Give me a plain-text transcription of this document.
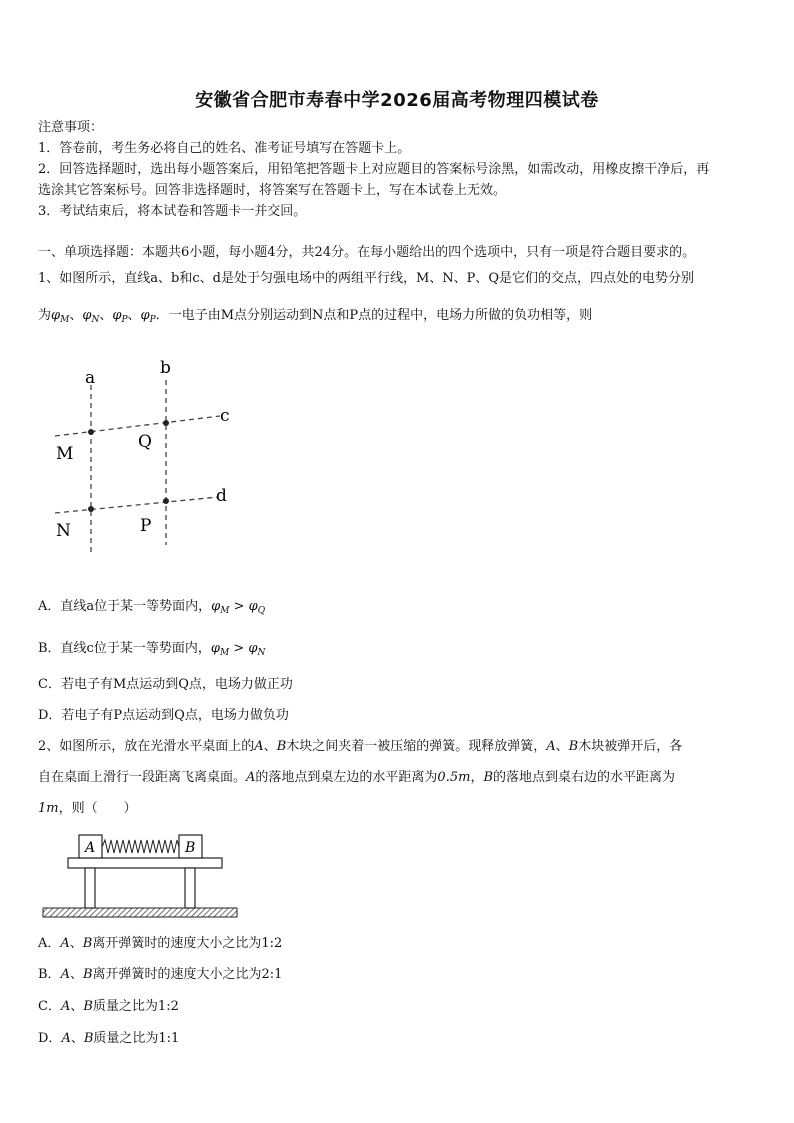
安徽省合肥市寿春中学2026届高考物理四模试卷
注意事项：
1．答卷前，考生务必将自己的姓名、准考证号填写在答题卡上。
2．回答选择题时，选出每小题答案后，用铅笔把答题卡上对应题目的答案标号涂黑，如需改动，用橡皮擦干净后，再
选涂其它答案标号。回答非选择题时，将答案写在答题卡上，写在本试卷上无效。
3．考试结束后，将本试卷和答题卡一并交回。
一、单项选择题：本题共6小题，每小题4分，共24分。在每小题给出的四个选项中，只有一项是符合题目要求的。
1、如图所示，直线a、b和c、d是处于匀强电场中的两组平行线，M、N、P、Q是它们的交点，四点处的电势分别
为$\varphi_M$、$\varphi_N$、$\varphi_P$、$\varphi_P$．一电子由M点分别运动到N点和P点的过程中，电场力所做的负功相等，则
a	b
c
d
M
Q
N	P
A．直线a位于某一等势面内，$\varphi_M > \varphi_Q$
B．直线c位于某一等势面内，$\varphi_M > \varphi_N$
C．若电子有M点运动到Q点，电场力做正功
D．若电子有P点运动到Q点，电场力做负功
2、如图所示，放在光滑水平桌面上的A、B木块之间夹着一被压缩的弹簧。现释放弹簧，A、B木块被弹开后，各
自在桌面上滑行一段距离飞离桌面。A的落地点到桌左边的水平距离为0.5m，B的落地点到桌右边的水平距离为
1m，则（　　）
A	B
A．A、B离开弹簧时的速度大小之比为1:2
B．A、B离开弹簧时的速度大小之比为2:1
C．A、B质量之比为1:2
D．A、B质量之比为1:1
